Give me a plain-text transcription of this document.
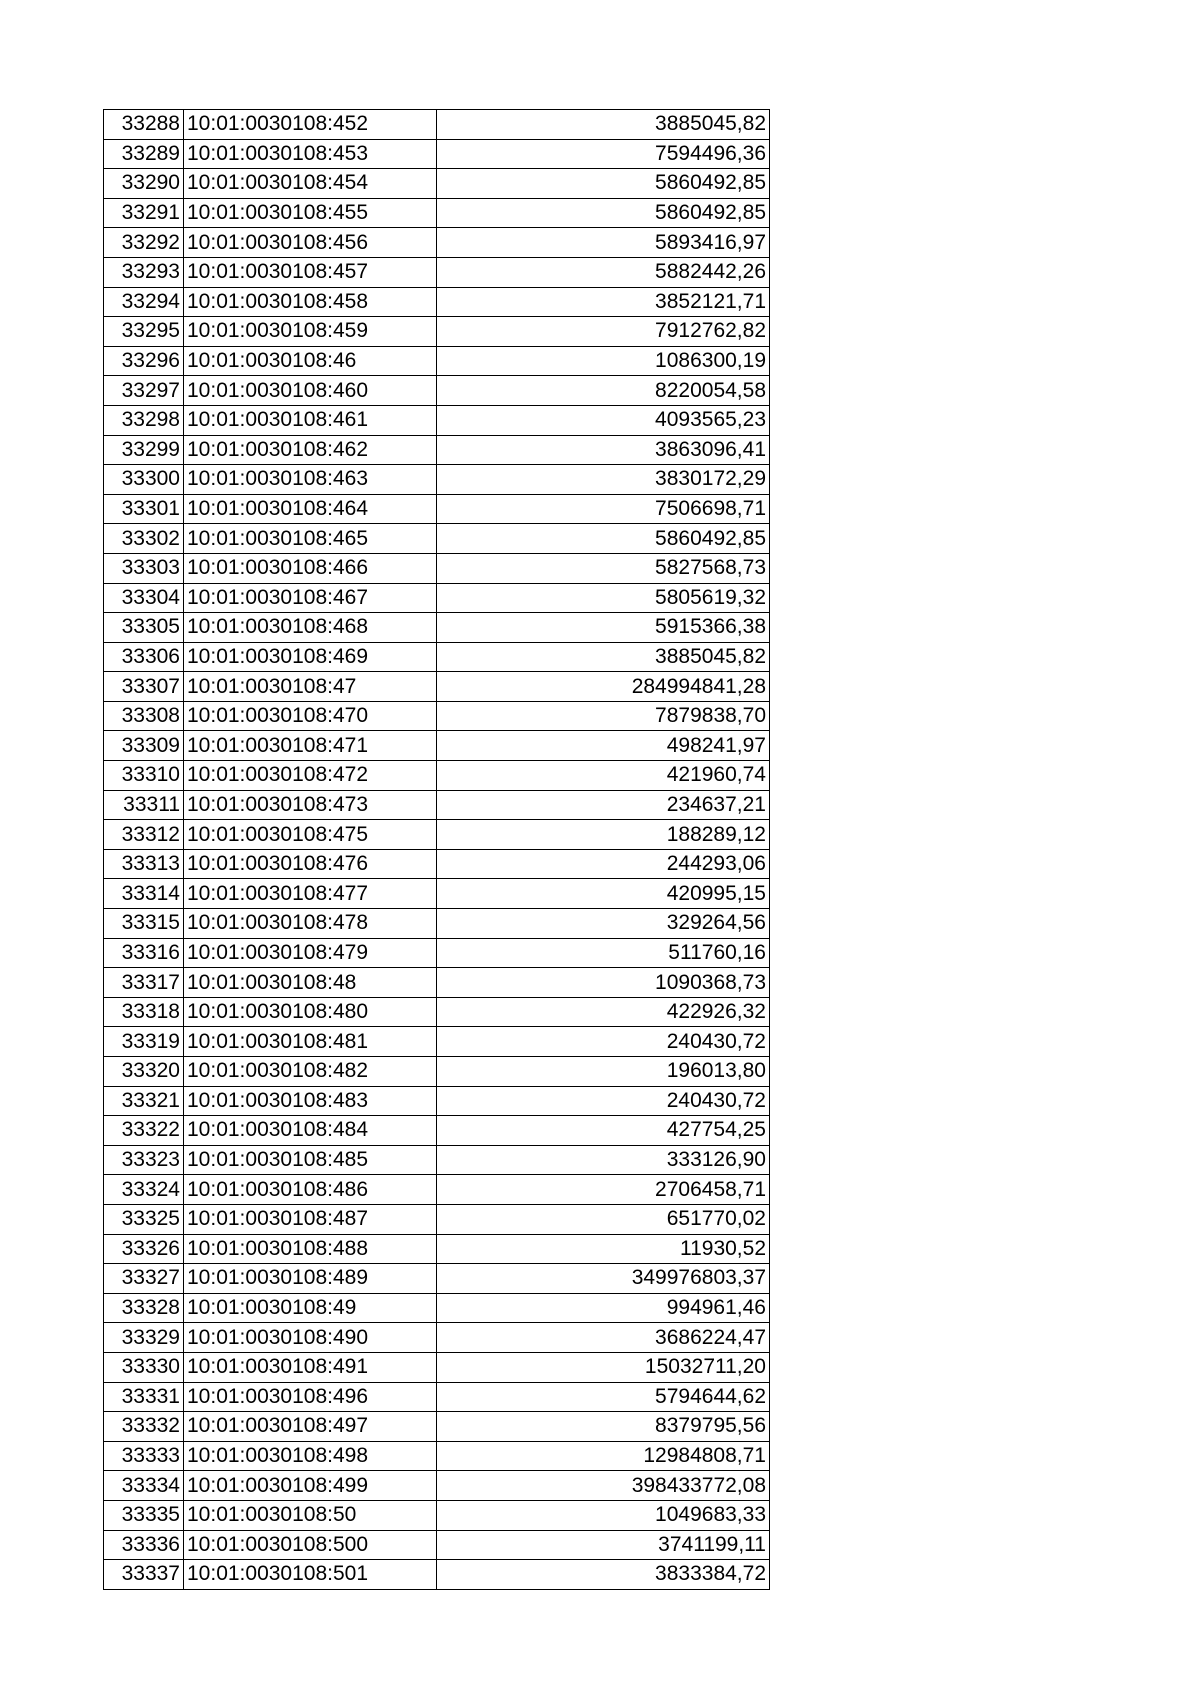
33288	10:01:0030108:452	3885045,82
33289	10:01:0030108:453	7594496,36
33290	10:01:0030108:454	5860492,85
33291	10:01:0030108:455	5860492,85
33292	10:01:0030108:456	5893416,97
33293	10:01:0030108:457	5882442,26
33294	10:01:0030108:458	3852121,71
33295	10:01:0030108:459	7912762,82
33296	10:01:0030108:46	1086300,19
33297	10:01:0030108:460	8220054,58
33298	10:01:0030108:461	4093565,23
33299	10:01:0030108:462	3863096,41
33300	10:01:0030108:463	3830172,29
33301	10:01:0030108:464	7506698,71
33302	10:01:0030108:465	5860492,85
33303	10:01:0030108:466	5827568,73
33304	10:01:0030108:467	5805619,32
33305	10:01:0030108:468	5915366,38
33306	10:01:0030108:469	3885045,82
33307	10:01:0030108:47	284994841,28
33308	10:01:0030108:470	7879838,70
33309	10:01:0030108:471	498241,97
33310	10:01:0030108:472	421960,74
33311	10:01:0030108:473	234637,21
33312	10:01:0030108:475	188289,12
33313	10:01:0030108:476	244293,06
33314	10:01:0030108:477	420995,15
33315	10:01:0030108:478	329264,56
33316	10:01:0030108:479	511760,16
33317	10:01:0030108:48	1090368,73
33318	10:01:0030108:480	422926,32
33319	10:01:0030108:481	240430,72
33320	10:01:0030108:482	196013,80
33321	10:01:0030108:483	240430,72
33322	10:01:0030108:484	427754,25
33323	10:01:0030108:485	333126,90
33324	10:01:0030108:486	2706458,71
33325	10:01:0030108:487	651770,02
33326	10:01:0030108:488	11930,52
33327	10:01:0030108:489	349976803,37
33328	10:01:0030108:49	994961,46
33329	10:01:0030108:490	3686224,47
33330	10:01:0030108:491	15032711,20
33331	10:01:0030108:496	5794644,62
33332	10:01:0030108:497	8379795,56
33333	10:01:0030108:498	12984808,71
33334	10:01:0030108:499	398433772,08
33335	10:01:0030108:50	1049683,33
33336	10:01:0030108:500	3741199,11
33337	10:01:0030108:501	3833384,72
